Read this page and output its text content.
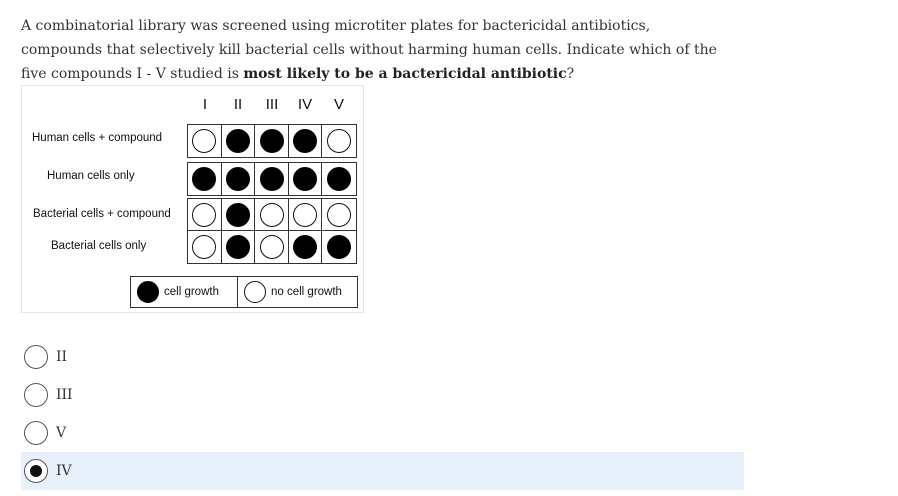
A combinatorial library was screened using microtiter plates for bactericidal antibiotics, compounds that selectively kill bacterial cells without harming human cells. Indicate which of the five compounds I - V studied is most likely to be a bactericidal antibiotic?
I	II	III	IV	V
Human cells + compound
Human cells only
Bacterial cells + compound
Bacterial cells only
cell growth	no cell growth
II
III
V
IV
